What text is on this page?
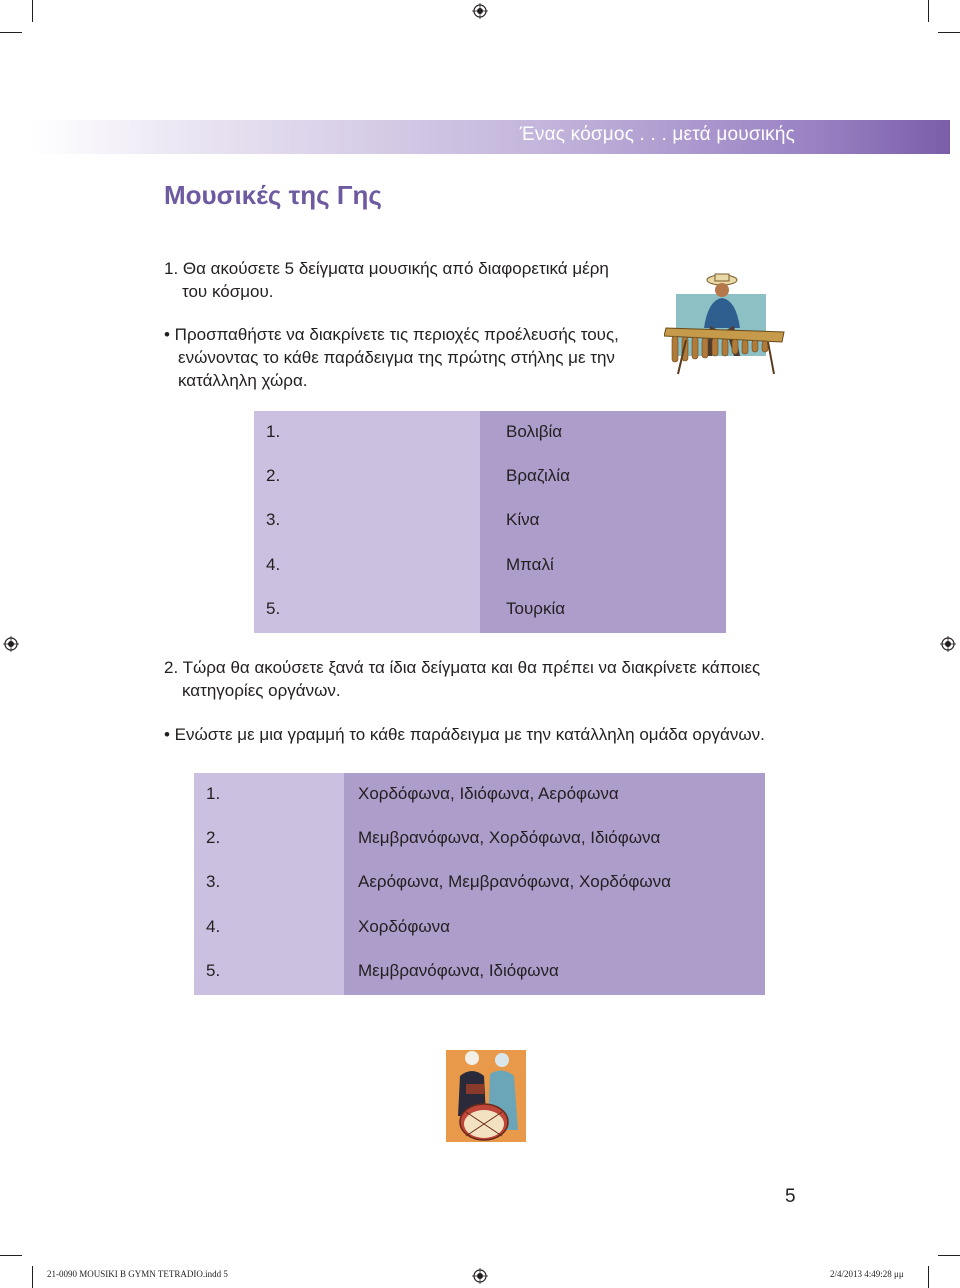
Ένας κόσμος . . . μετά μουσικής
Μουσικές της Γης
1. Θα ακούσετε 5 δείγματα μουσικής από διαφορετικά μέρη
του κόσμου.
• Προσπαθήστε να διακρίνετε τις περιοχές προέλευσής τους,
ενώνοντας το κάθε παράδειγμα της πρώτης στήλης με την
κατάλληλη χώρα.
1.
2.
3.
4.
5.
Βολιβία
Βραζιλία
Κίνα
Μπαλί
Τουρκία
2. Τώρα θα ακούσετε ξανά τα ίδια δείγματα και θα πρέπει να διακρίνετε κάποιες
κατηγορίες οργάνων.
• Ενώστε με μια γραμμή το κάθε παράδειγμα με την κατάλληλη ομάδα οργάνων.
1.
2.
3.
4.
5.
Χορδόφωνα, Ιδιόφωνα, Αερόφωνα
Μεμβρανόφωνα, Χορδόφωνα, Ιδιόφωνα
Αερόφωνα, Μεμβρανόφωνα, Χορδόφωνα
Χορδόφωνα
Μεμβρανόφωνα, Ιδιόφωνα
5
21-0090 MOUSIKI B GYMN TETRADIO.indd 5	2/4/2013 4:49:28 μμ
